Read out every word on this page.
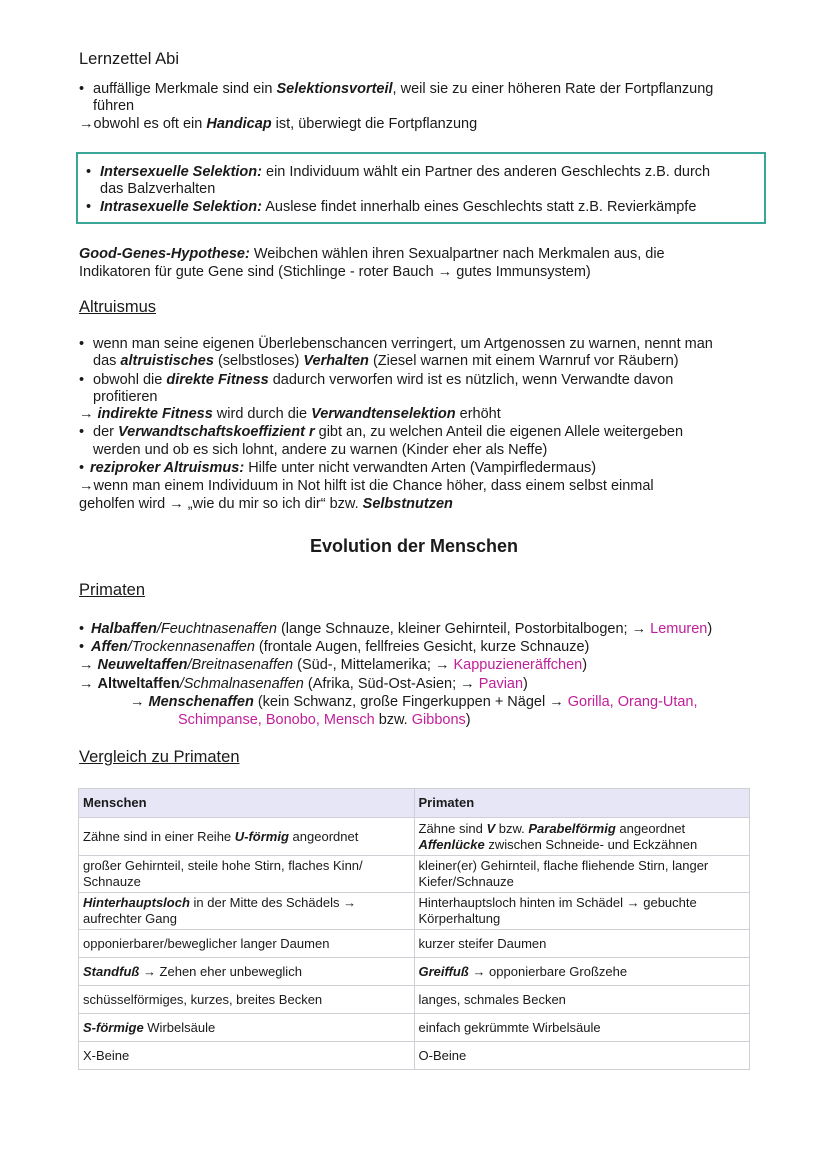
Lernzettel Abi
• auffällige Merkmale sind ein Selektionsvorteil, weil sie zu einer höheren Rate der Fortpflanzung
führen
→obwohl es oft ein Handicap ist, überwiegt die Fortpflanzung
• Intersexuelle Selektion: ein Individuum wählt ein Partner des anderen Geschlechts z.B. durch
das Balzverhalten
• Intrasexuelle Selektion: Auslese findet innerhalb eines Geschlechts statt z.B. Revierkämpfe
Good-Genes-Hypothese: Weibchen wählen ihren Sexualpartner nach Merkmalen aus, die
Indikatoren für gute Gene sind (Stichlinge - roter Bauch → gutes Immunsystem)
Altruismus
• wenn man seine eigenen Überlebenschancen verringert, um Artgenossen zu warnen, nennt man
das altruistisches (selbstloses) Verhalten (Ziesel warnen mit einem Warnruf vor Räubern)
• obwohl die direkte Fitness dadurch verworfen wird ist es nützlich, wenn Verwandte davon
profitieren
→ indirekte Fitness wird durch die Verwandtenselektion erhöht
• der Verwandtschaftskoeffizient r gibt an, zu welchen Anteil die eigenen Allele weitergeben
werden und ob es sich lohnt, andere zu warnen (Kinder eher als Neffe)
• reziproker Altruismus: Hilfe unter nicht verwandten Arten (Vampirfledermaus)
→wenn man einem Individuum in Not hilft ist die Chance höher, dass einem selbst einmal
geholfen wird → „wie du mir so ich dir“ bzw. Selbstnutzen
Evolution der Menschen
Primaten
• Halbaffen/Feuchtnasenaffen (lange Schnauze, kleiner Gehirnteil, Postorbitalbogen; → Lemuren)
• Affen/Trockennasenaffen (frontale Augen, fellfreies Gesicht, kurze Schnauze)
→ Neuweltaffen/Breitnasenaffen (Süd-, Mittelamerika; → Kappuzieneräffchen)
→ Altweltaffen/Schmalnasenaffen (Afrika, Süd-Ost-Asien; → Pavian)
→ Menschenaffen (kein Schwanz, große Fingerkuppen + Nägel → Gorilla, Orang-Utan,
Schimpanse, Bonobo, Mensch bzw. Gibbons)
Vergleich zu Primaten
Menschen	Primaten
Zähne sind in einer Reihe U-förmig angeordnet	Zähne sind V bzw. Parabelförmig angeordnet
Affenlücke zwischen Schneide- und Eckzähnen
großer Gehirnteil, steile hohe Stirn, flaches Kinn/
Schnauze	kleiner(er) Gehirnteil, flache fliehende Stirn, langer
Kiefer/Schnauze
Hinterhauptsloch in der Mitte des Schädels →
aufrechter Gang	Hinterhauptsloch hinten im Schädel → gebuchte
Körperhaltung
opponierbarer/beweglicher langer Daumen	kurzer steifer Daumen
Standfuß → Zehen eher unbeweglich	Greiffuß → opponierbare Großzehe
schüsselförmiges, kurzes, breites Becken	langes, schmales Becken
S-förmige Wirbelsäule	einfach gekrümmte Wirbelsäule
X-Beine	O-Beine
